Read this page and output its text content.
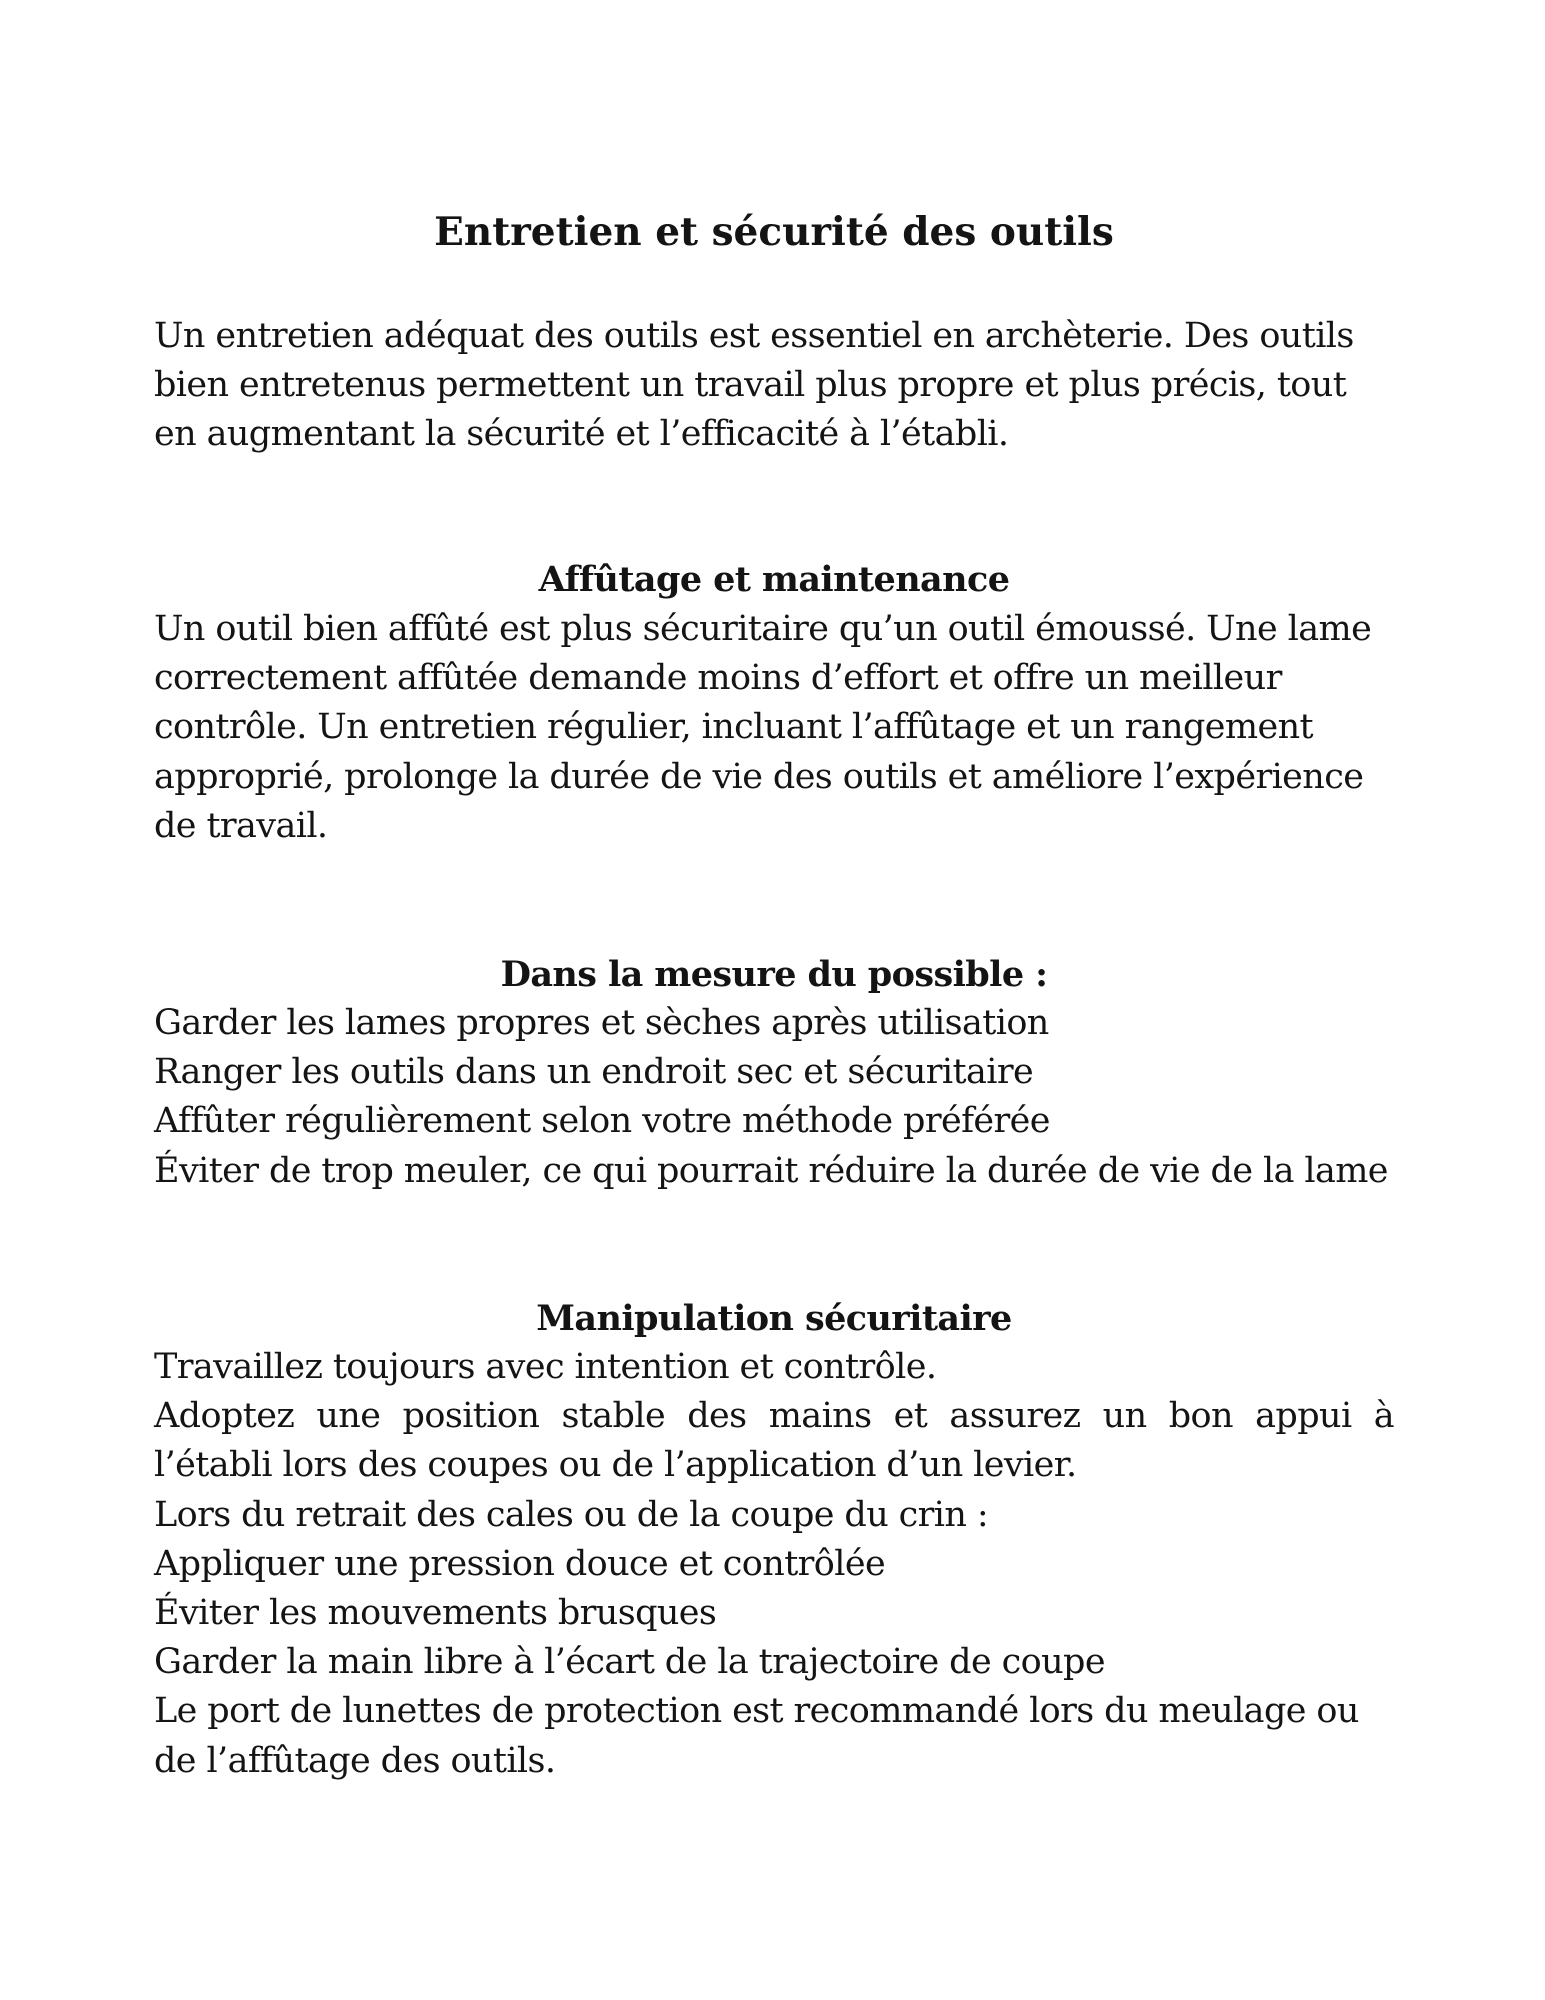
Entretien et sécurité des outils

Un entretien adéquat des outils est essentiel en archèterie. Des outils bien entretenus permettent un travail plus propre et plus précis, tout en augmentant la sécurité et l’efficacité à l’établi.

Affûtage et maintenance

Un outil bien affûté est plus sécuritaire qu’un outil émoussé. Une lame correctement affûtée demande moins d’effort et offre un meilleur contrôle. Un entretien régulier, incluant l’affûtage et un rangement approprié, prolonge la durée de vie des outils et améliore l’expérience de travail.

Dans la mesure du possible :
Garder les lames propres et sèches après utilisation
Ranger les outils dans un endroit sec et sécuritaire
Affûter régulièrement selon votre méthode préférée
Éviter de trop meuler, ce qui pourrait réduire la durée de vie de la lame
Manipulation sécuritaire
Travaillez toujours avec intention et contrôle.
Adoptez une position stable des mains et assurez un bon appui à l’établi lors des coupes ou de l’application d’un levier.
Lors du retrait des cales ou de la coupe du crin :
Appliquer une pression douce et contrôlée
Éviter les mouvements brusques
Garder la main libre à l’écart de la trajectoire de coupe
Le port de lunettes de protection est recommandé lors du meulage ou de l’affûtage des outils.
